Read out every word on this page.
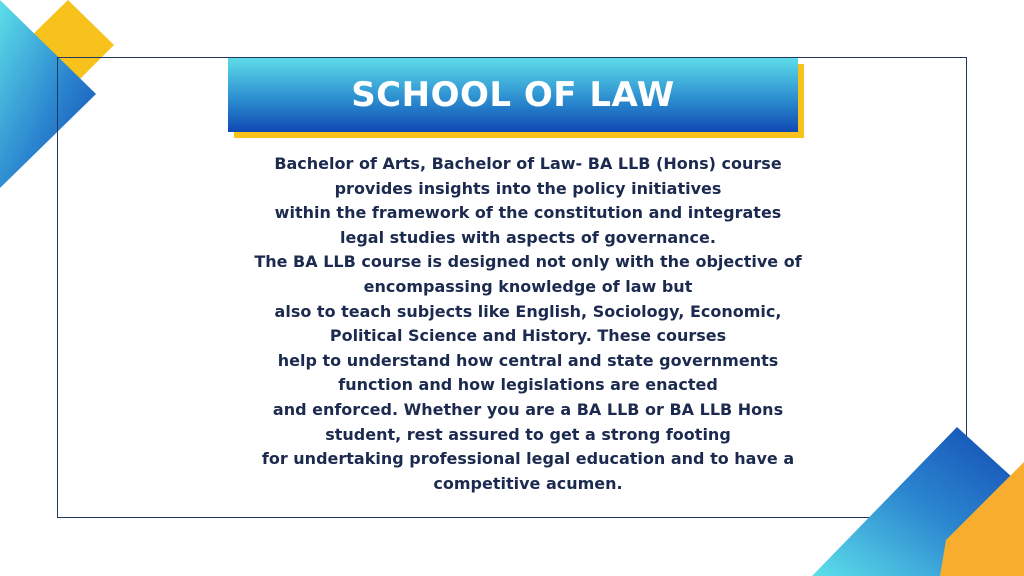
SCHOOL OF LAW

Bachelor of Arts, Bachelor of Law- BA LLB (Hons) course
provides insights into the policy initiatives
within the framework of the constitution and integrates
legal studies with aspects of governance.
The BA LLB course is designed not only with the objective of
encompassing knowledge of law but
also to teach subjects like English, Sociology, Economic,
Political Science and History. These courses
help to understand how central and state governments
function and how legislations are enacted
and enforced. Whether you are a BA LLB or BA LLB Hons
student, rest assured to get a strong footing
for undertaking professional legal education and to have a
competitive acumen.
